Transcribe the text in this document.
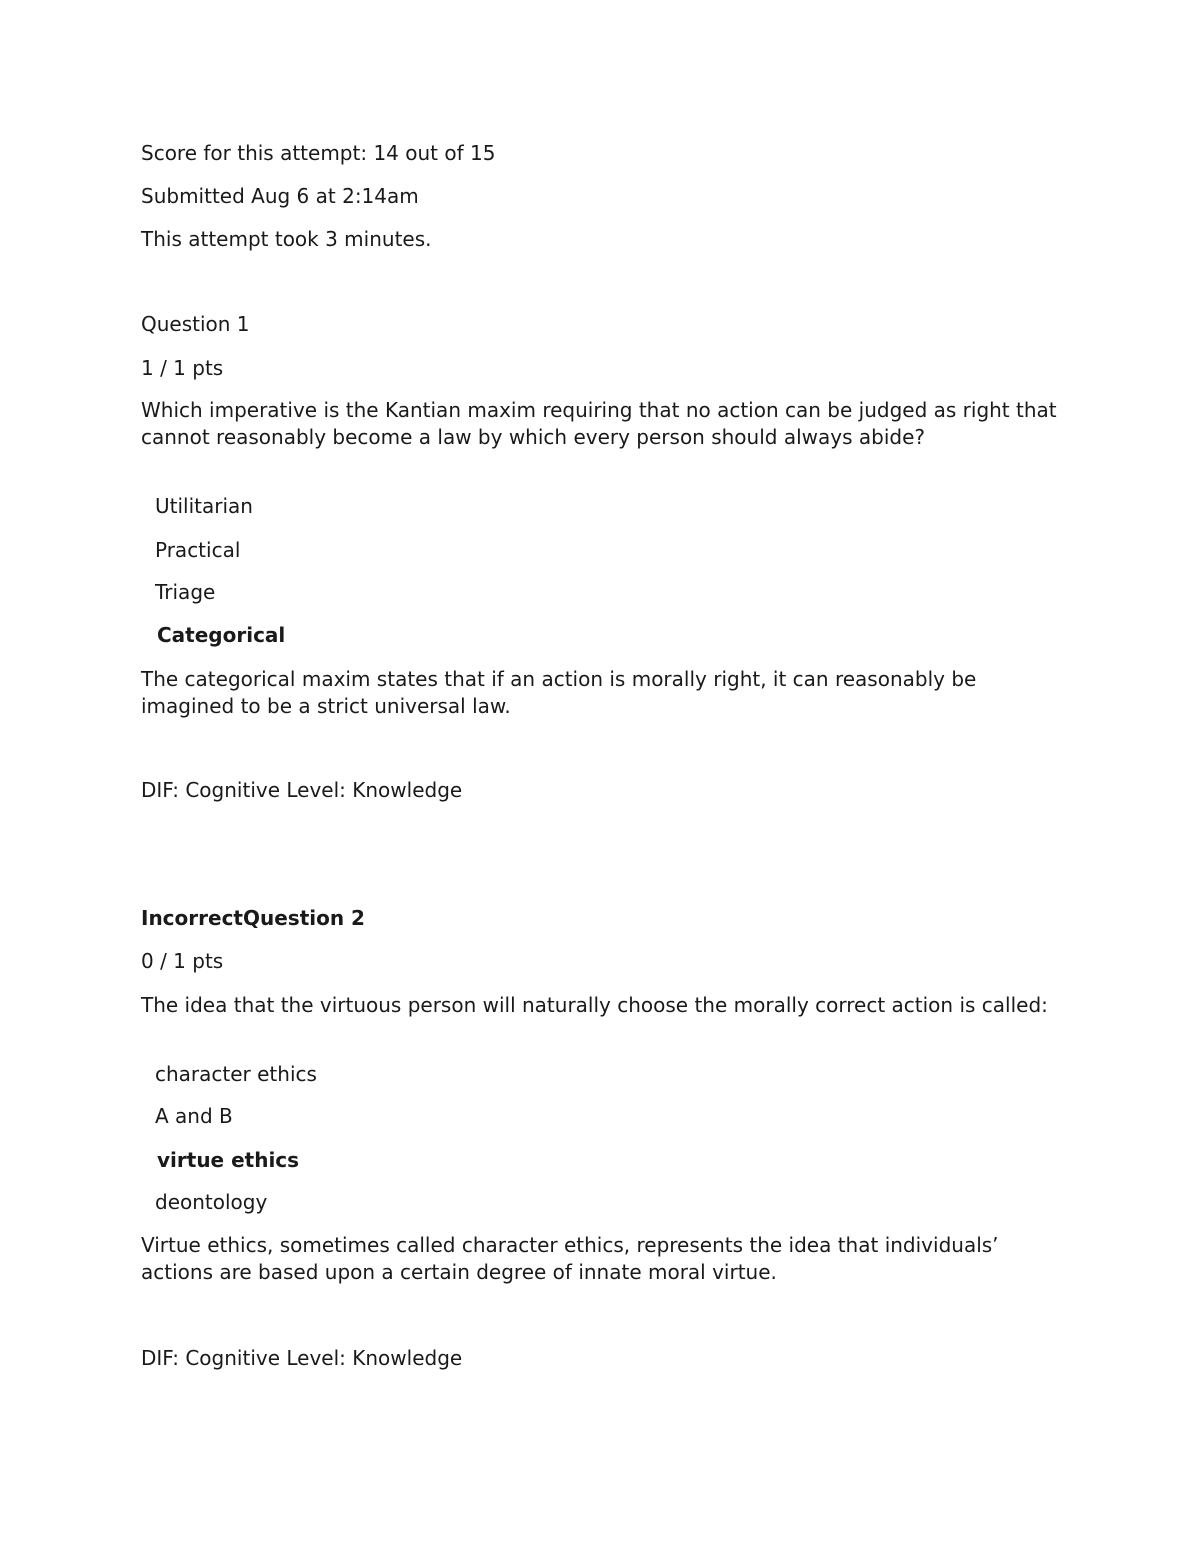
Score for this attempt: 14 out of 15
Submitted Aug 6 at 2:14am
This attempt took 3 minutes.
Question 1
1 / 1 pts
Which imperative is the Kantian maxim requiring that no action can be judged as right that cannot reasonably become a law by which every person should always abide?
Utilitarian
Practical
Triage
Categorical
The categorical maxim states that if an action is morally right, it can reasonably be imagined to be a strict universal law.
DIF: Cognitive Level: Knowledge
IncorrectQuestion 2
0 / 1 pts
The idea that the virtuous person will naturally choose the morally correct action is called:
character ethics
A and B
virtue ethics
deontology
Virtue ethics, sometimes called character ethics, represents the idea that individuals’ actions are based upon a certain degree of innate moral virtue.
DIF: Cognitive Level: Knowledge
